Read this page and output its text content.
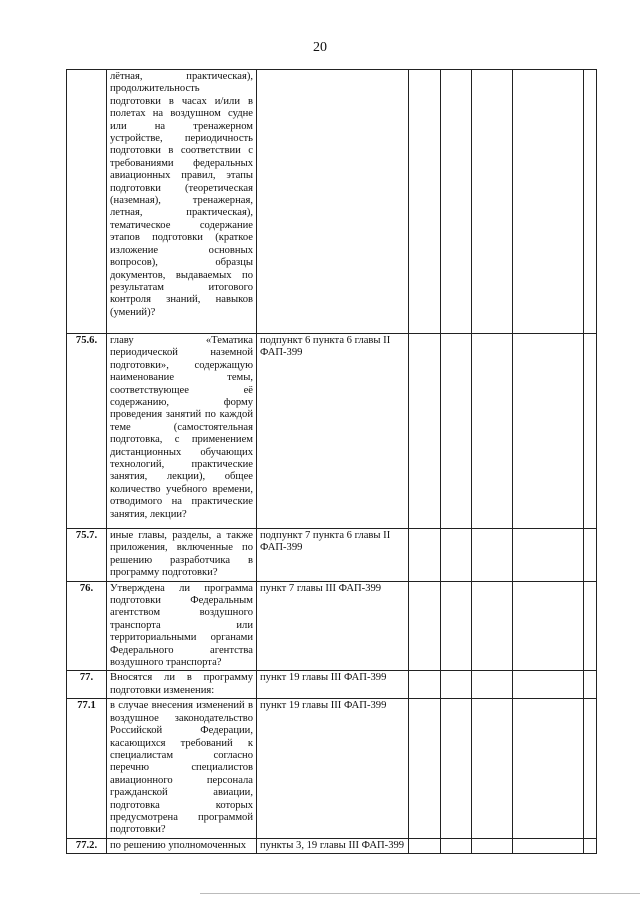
20
	лётная, практическая), продолжительность подготовки в часах и/или в полетах на воздушном судне или на тренажерном устройстве, периодичность подготовки в соответствии с требованиями федеральных авиационных правил, этапы подготовки (теоретическая (наземная), тренажерная, летная, практическая), тематическое содержание этапов подготовки (краткое изложение основных вопросов), образцы документов, выдаваемых по результатам итогового контроля знаний, навыков (умений)?						
75.6.	главу «Тематика периодической наземной подготовки», содержащую наименование темы, соответствующее её содержанию, форму проведения занятий по каждой теме (самостоятельная подготовка, с применением дистанционных обучающих технологий, практические занятия, лекции), общее количество учебного времени, отводимого на практические занятия, лекции?	подпункт 6 пункта 6 главы II ФАП-399					
75.7.	иные главы, разделы, а также приложения, включенные по решению разработчика в программу подготовки?	подпункт 7 пункта 6 главы II ФАП-399					
76.	Утверждена ли программа подготовки Федеральным агентством воздушного транспорта или территориальными органами Федерального агентства воздушного транспорта?	пункт 7 главы III ФАП-399					
77.	Вносятся ли в программу подготовки изменения:	пункт 19 главы III ФАП-399					
77.1	в случае внесения изменений в воздушное законодательство Российской Федерации, касающихся требований к специалистам согласно перечню специалистов авиационного персонала гражданской авиации, подготовка которых предусмотрена программой подготовки?	пункт 19 главы III ФАП-399					
77.2.	по решению уполномоченных	пункты 3, 19 главы III ФАП-399					
